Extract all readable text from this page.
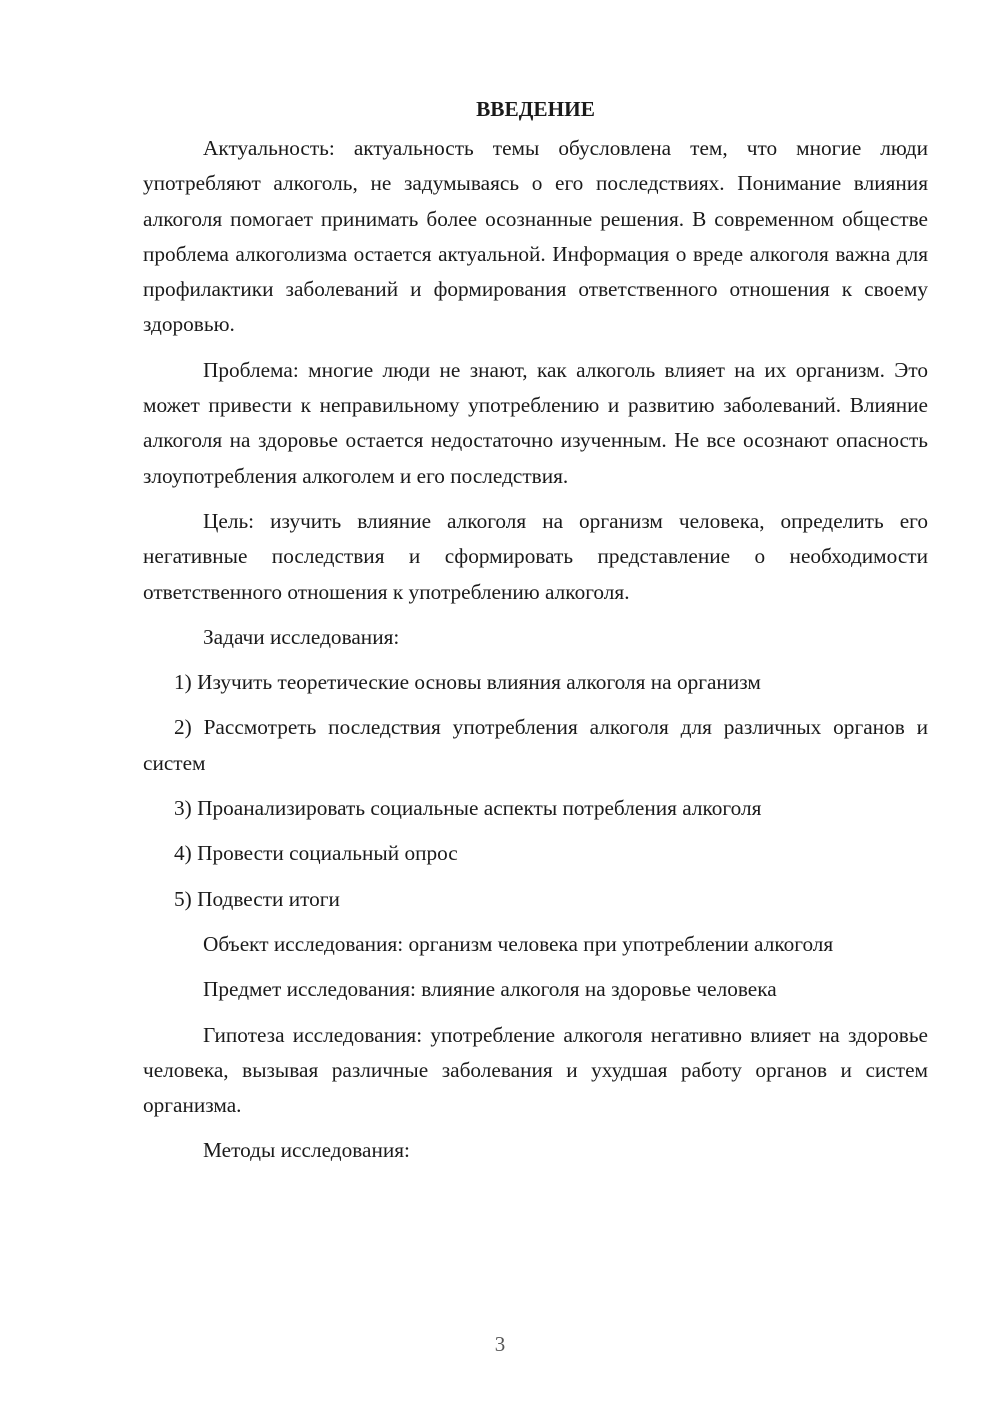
ВВЕДЕНИЕ

Актуальность: актуальность темы обусловлена тем, что многие люди употребляют алкоголь, не задумываясь о его последствиях. Понимание влияния алкоголя помогает принимать более осознанные решения. В современном обществе проблема алкоголизма остается актуальной. Информация о вреде алкоголя важна для профилактики заболеваний и формирования ответственного отношения к своему здоровью.

Проблема: многие люди не знают, как алкоголь влияет на их организм. Это может привести к неправильному употреблению и развитию заболеваний. Влияние алкоголя на здоровье остается недостаточно изученным. Не все осознают опасность злоупотребления алкоголем и его последствия.

Цель: изучить влияние алкоголя на организм человека, определить его негативные последствия и сформировать представление о необходимости ответственного отношения к употреблению алкоголя.

Задачи исследования:

1) Изучить теоретические основы влияния алкоголя на организм

2) Рассмотреть последствия употребления алкоголя для различных органов и систем

3) Проанализировать социальные аспекты потребления алкоголя

4) Провести социальный опрос

5) Подвести итоги

Объект исследования: организм человека при употреблении алкоголя

Предмет исследования: влияние алкоголя на здоровье человека

Гипотеза исследования: употребление алкоголя негативно влияет на здоровье человека, вызывая различные заболевания и ухудшая работу органов и систем организма.

Методы исследования:

3
